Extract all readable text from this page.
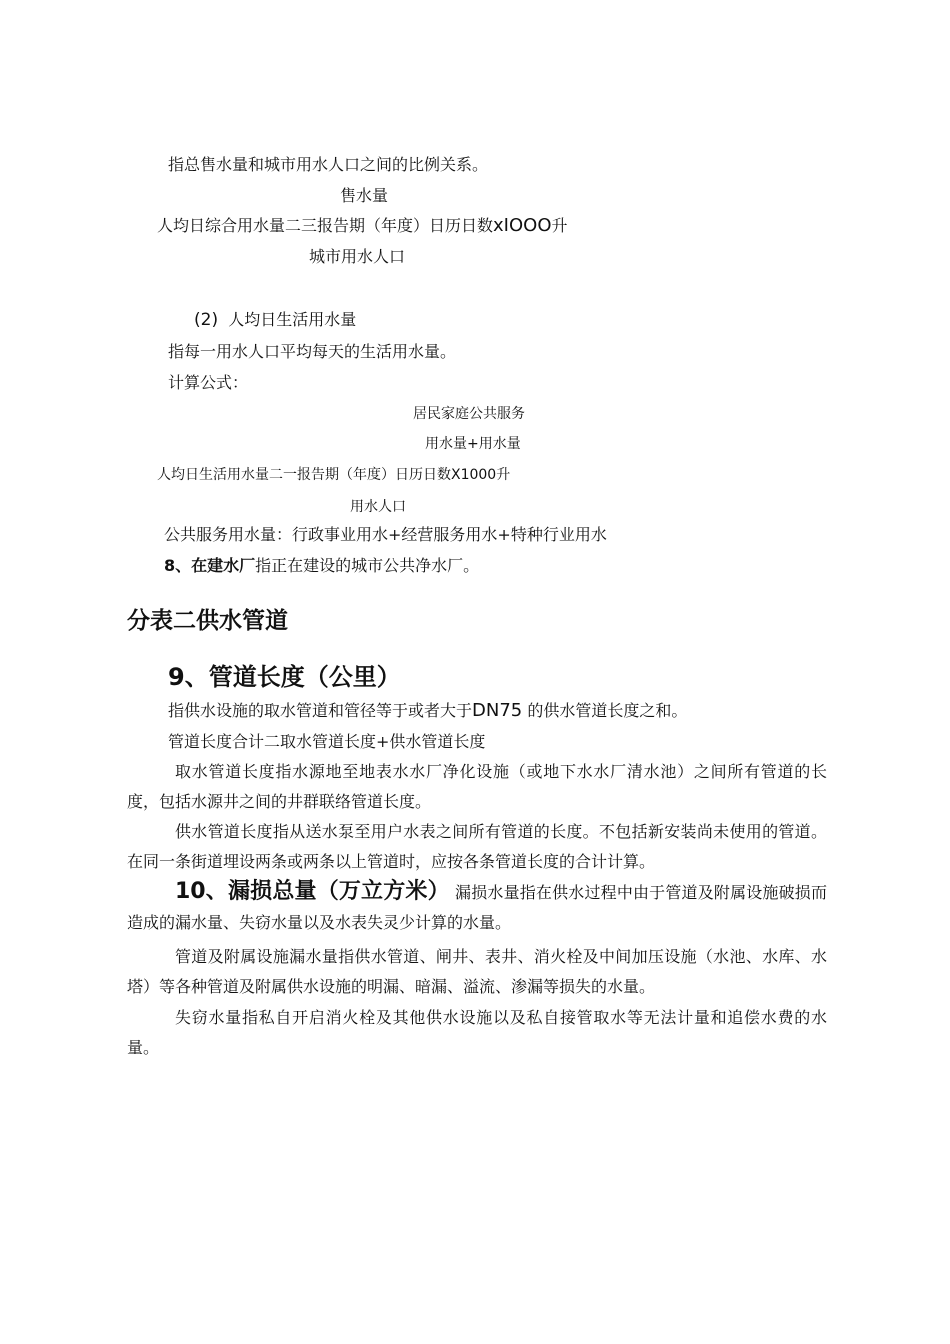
指总售水量和城市用水人口之间的比例关系。
售水量
人均日综合用水量二三报告期（年度）日历日数xIOOO升
城市用水人口
(2) 人均日生活用水量
指每一用水人口平均每天的生活用水量。
计算公式：
居民家庭公共服务
用水量+用水量
人均日生活用水量二一报告期（年度）日历日数X1000升
用水人口
公共服务用水量：行政事业用水+经营服务用水+特种行业用水
8、在建水厂指正在建设的城市公共净水厂。
分表二供水管道
9、管道长度（公里）
指供水设施的取水管道和管径等于或者大于DN75 的供水管道长度之和。
管道长度合计二取水管道长度+供水管道长度
取水管道长度指水源地至地表水水厂净化设施（或地下水水厂清水池）之间所有管道的长度，包括水源井之间的井群联络管道长度。
供水管道长度指从送水泵至用户水表之间所有管道的长度。不包括新安装尚未使用的管道。在同一条街道埋设两条或两条以上管道时，应按各条管道长度的合计计算。
10、漏损总量（万立方米） 漏损水量指在供水过程中由于管道及附属设施破损而造成的漏水量、失窃水量以及水表失灵少计算的水量。
管道及附属设施漏水量指供水管道、闸井、表井、消火栓及中间加压设施（水池、水库、水塔）等各种管道及附属供水设施的明漏、暗漏、溢流、渗漏等损失的水量。
失窃水量指私自开启消火栓及其他供水设施以及私自接管取水等无法计量和追偿水费的水量。
